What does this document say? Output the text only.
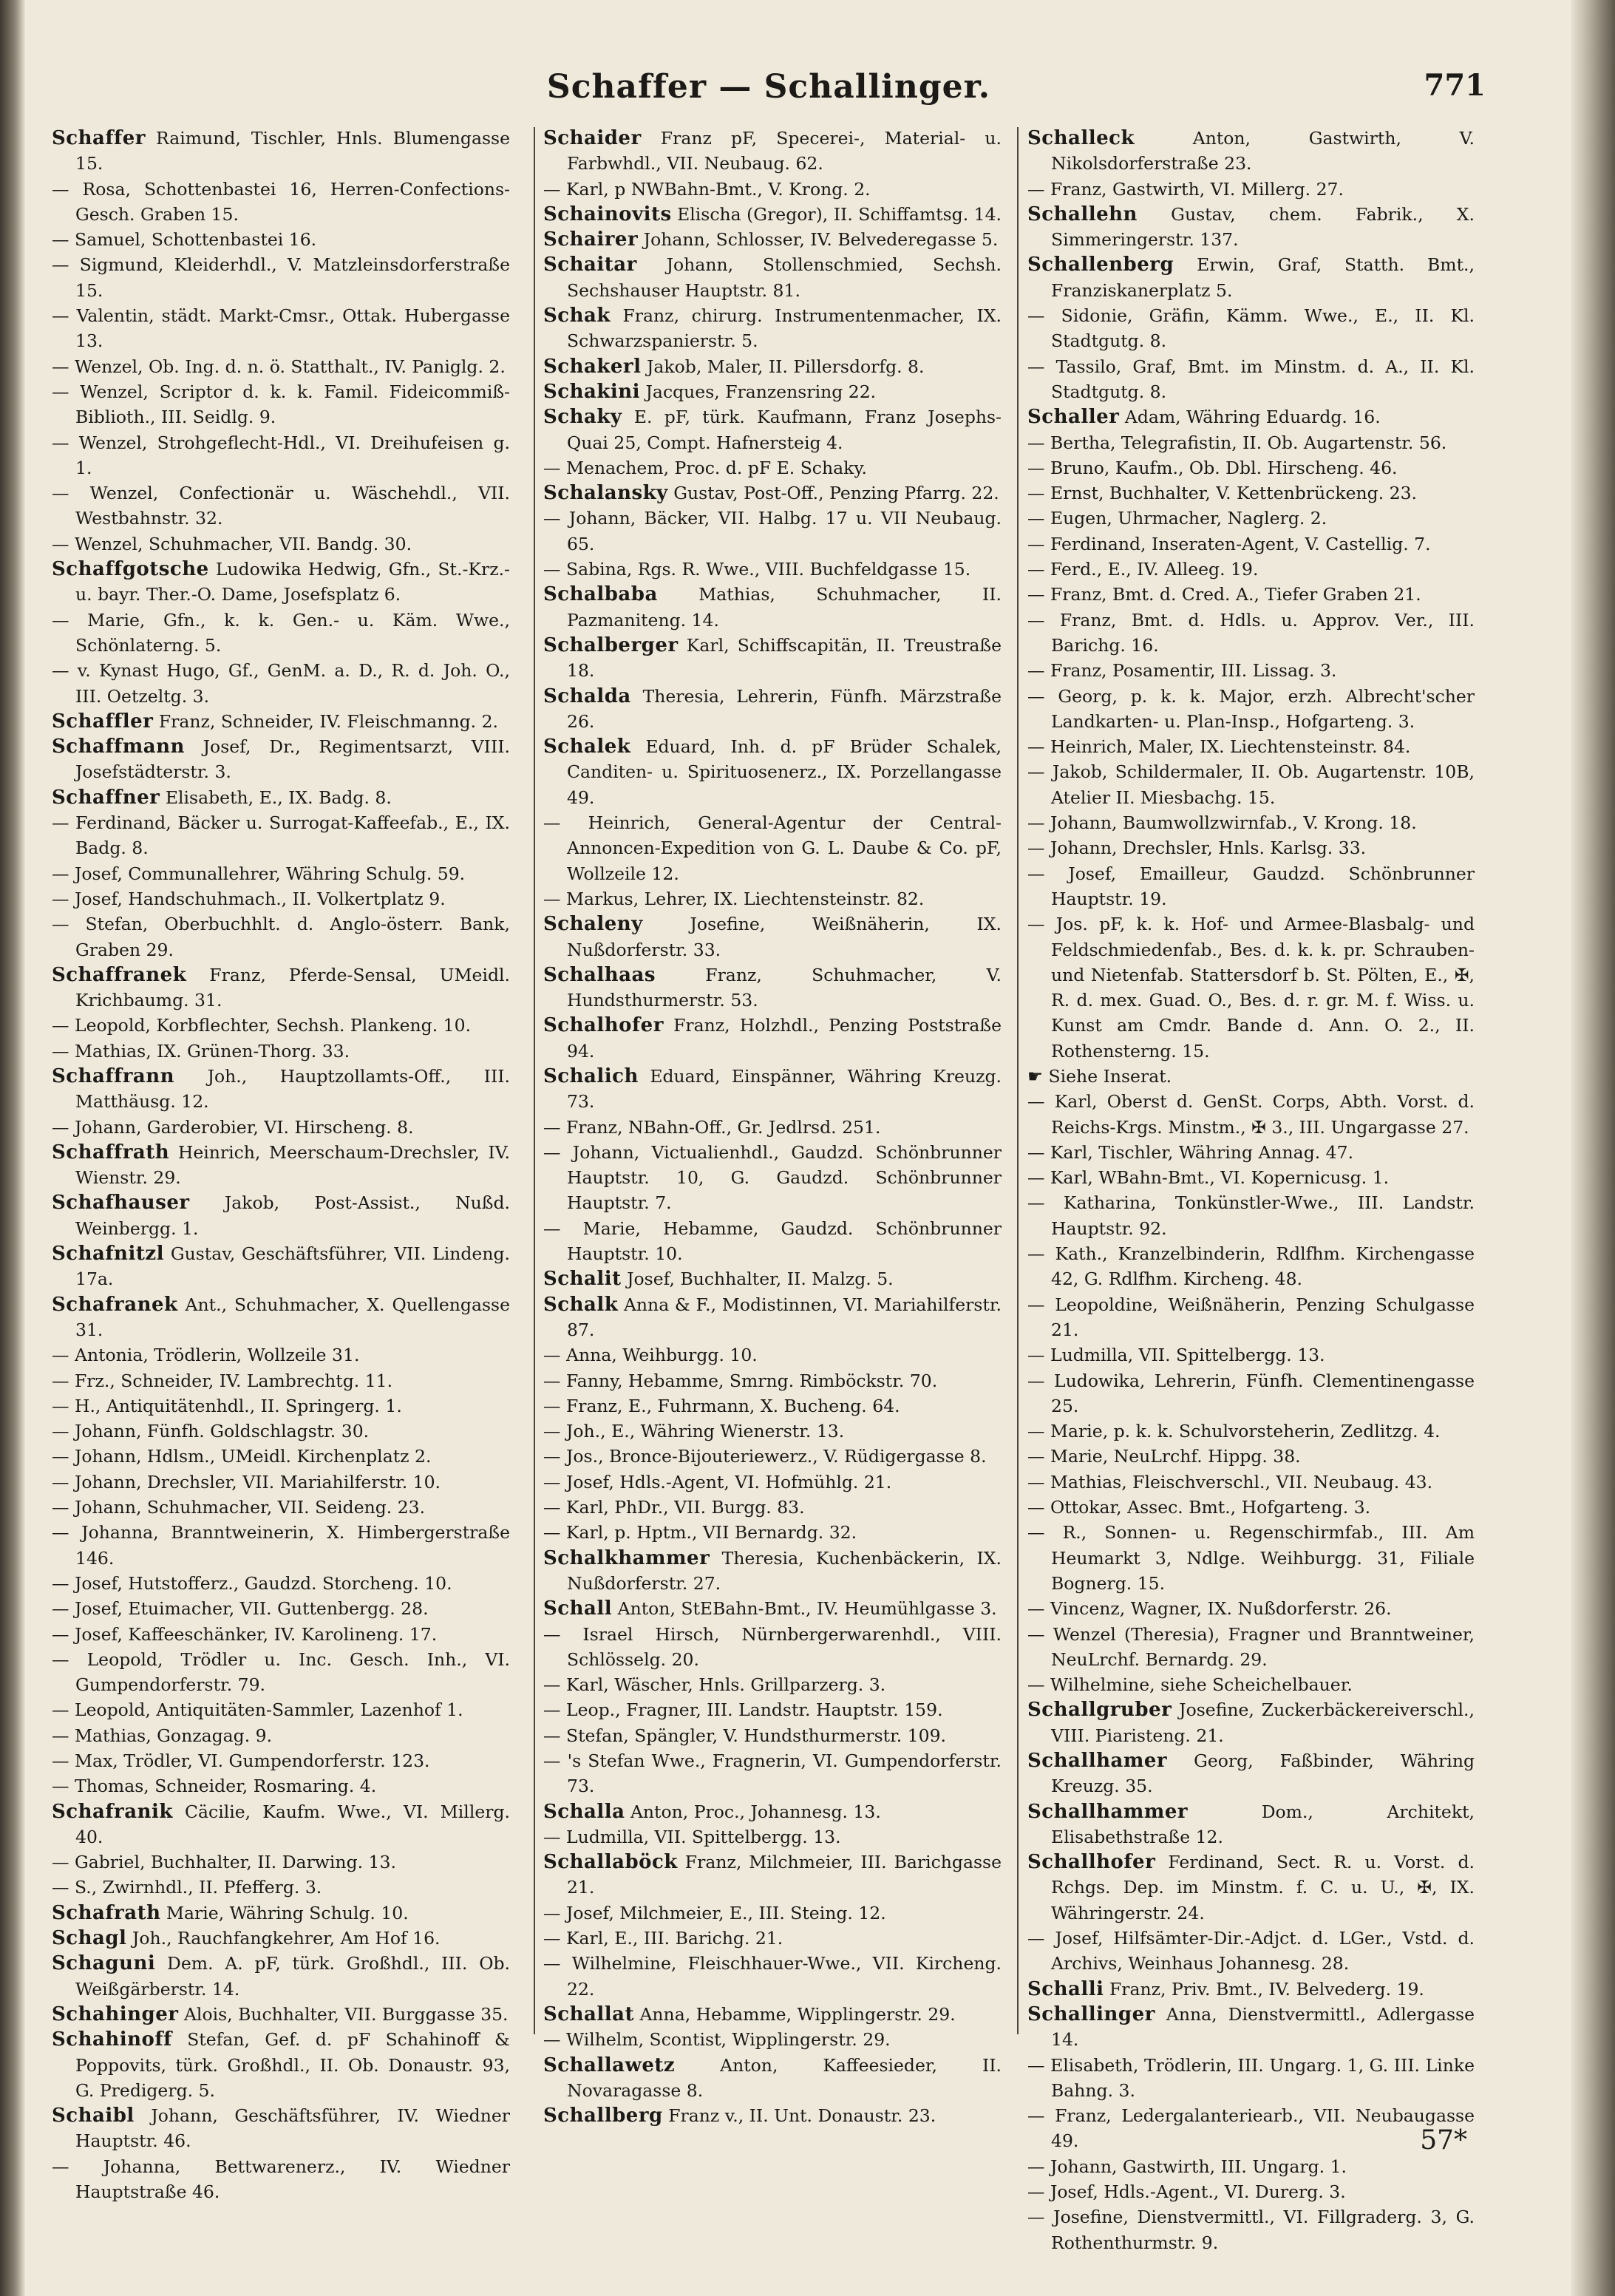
Schaffer — Schallinger.	771
Schaffer Raimund, Tischler, Hnls. Blumengasse 15.
— Rosa, Schottenbastei 16, Herren-Confections-Gesch. Graben 15.
— Samuel, Schottenbastei 16.
— Sigmund, Kleiderhdl., V. Matzleinsdorferstraße 15.
— Valentin, städt. Markt-Cmsr., Ottak. Hubergasse 13.
— Wenzel, Ob. Ing. d. n. ö. Statthalt., IV. Paniglg. 2.
— Wenzel, Scriptor d. k. k. Famil. Fideicommiß-Biblioth., III. Seidlg. 9.
— Wenzel, Strohgeflecht-Hdl., VI. Dreihufeisen g. 1.
— Wenzel, Confectionär u. Wäschehdl., VII. Westbahnstr. 32.
— Wenzel, Schuhmacher, VII. Bandg. 30.
Schaffgotsche Ludowika Hedwig, Gfn., St.-Krz.-u. bayr. Ther.-O. Dame, Josefsplatz 6.
— Marie, Gfn., k. k. Gen.- u. Käm. Wwe., Schönlaterng. 5.
— v. Kynast Hugo, Gf., GenM. a. D., R. d. Joh. O., III. Oetzeltg. 3.
Schaffler Franz, Schneider, IV. Fleischmanng. 2.
Schaffmann Josef, Dr., Regimentsarzt, VIII. Josefstädterstr. 3.
Schaffner Elisabeth, E., IX. Badg. 8.
— Ferdinand, Bäcker u. Surrogat-Kaffeefab., E., IX. Badg. 8.
— Josef, Communallehrer, Währing Schulg. 59.
— Josef, Handschuhmach., II. Volkertplatz 9.
— Stefan, Oberbuchhlt. d. Anglo-österr. Bank, Graben 29.
Schaffranek Franz, Pferde-Sensal, UMeidl. Krichbaumg. 31.
— Leopold, Korbflechter, Sechsh. Plankeng. 10.
— Mathias, IX. Grünen-Thorg. 33.
Schaffrann Joh., Hauptzollamts-Off., III. Matthäusg. 12.
— Johann, Garderobier, VI. Hirscheng. 8.
Schaffrath Heinrich, Meerschaum-Drechsler, IV. Wienstr. 29.
Schafhauser Jakob, Post-Assist., Nußd. Weinbergg. 1.
Schafnitzl Gustav, Geschäftsführer, VII. Lindeng. 17a.
Schafranek Ant., Schuhmacher, X. Quellengasse 31.
— Antonia, Trödlerin, Wollzeile 31.
— Frz., Schneider, IV. Lambrechtg. 11.
— H., Antiquitätenhdl., II. Springerg. 1.
— Johann, Fünfh. Goldschlagstr. 30.
— Johann, Hdlsm., UMeidl. Kirchenplatz 2.
— Johann, Drechsler, VII. Mariahilferstr. 10.
— Johann, Schuhmacher, VII. Seideng. 23.
— Johanna, Branntweinerin, X. Himbergerstraße 146.
— Josef, Hutstofferz., Gaudzd. Storcheng. 10.
— Josef, Etuimacher, VII. Guttenbergg. 28.
— Josef, Kaffeeschänker, IV. Karolineng. 17.
— Leopold, Trödler u. Inc. Gesch. Inh., VI. Gumpendorferstr. 79.
— Leopold, Antiquitäten-Sammler, Lazenhof 1.
— Mathias, Gonzagag. 9.
— Max, Trödler, VI. Gumpendorferstr. 123.
— Thomas, Schneider, Rosmaring. 4.
Schafranik Cäcilie, Kaufm. Wwe., VI. Millerg. 40.
— Gabriel, Buchhalter, II. Darwing. 13.
— S., Zwirnhdl., II. Pfefferg. 3.
Schafrath Marie, Währing Schulg. 10.
Schagl Joh., Rauchfangkehrer, Am Hof 16.
Schaguni Dem. A. pF, türk. Großhdl., III. Ob. Weißgärberstr. 14.
Schahinger Alois, Buchhalter, VII. Burggasse 35.
Schahinoff Stefan, Gef. d. pF Schahinoff & Poppovits, türk. Großhdl., II. Ob. Donaustr. 93, G. Predigerg. 5.
Schaibl Johann, Geschäftsführer, IV. Wiedner Hauptstr. 46.
— Johanna, Bettwarenerz., IV. Wiedner Hauptstraße 46.
Schaider Franz pF, Specerei-, Material- u. Farbwhdl., VII. Neubaug. 62.
— Karl, p NWBahn-Bmt., V. Krong. 2.
Schainovits Elischa (Gregor), II. Schiffamtsg. 14.
Schairer Johann, Schlosser, IV. Belvederegasse 5.
Schaitar Johann, Stollenschmied, Sechsh. Sechshauser Hauptstr. 81.
Schak Franz, chirurg. Instrumentenmacher, IX. Schwarzspanierstr. 5.
Schakerl Jakob, Maler, II. Pillersdorfg. 8.
Schakini Jacques, Franzensring 22.
Schaky E. pF, türk. Kaufmann, Franz Josephs-Quai 25, Compt. Hafnersteig 4.
— Menachem, Proc. d. pF E. Schaky.
Schalansky Gustav, Post-Off., Penzing Pfarrg. 22.
— Johann, Bäcker, VII. Halbg. 17 u. VII Neubaug. 65.
— Sabina, Rgs. R. Wwe., VIII. Buchfeldgasse 15.
Schalbaba Mathias, Schuhmacher, II. Pazmaniteng. 14.
Schalberger Karl, Schiffscapitän, II. Treustraße 18.
Schalda Theresia, Lehrerin, Fünfh. Märzstraße 26.
Schalek Eduard, Inh. d. pF Brüder Schalek, Canditen- u. Spirituosenerz., IX. Porzellangasse 49.
— Heinrich, General-Agentur der Central-Annoncen-Expedition von G. L. Daube & Co. pF, Wollzeile 12.
— Markus, Lehrer, IX. Liechtensteinstr. 82.
Schaleny	Josefine, Weißnäherin, IX. Nußdorferstr. 33.
Schalhaas	Franz, Schuhmacher, V. Hundsthurmerstr. 53.
Schalhofer Franz, Holzhdl., Penzing Poststraße 94.
Schalich Eduard, Einspänner, Währing Kreuzg. 73.
— Franz, NBahn-Off., Gr. Jedlrsd. 251.
— Johann, Victualienhdl., Gaudzd. Schönbrunner Hauptstr. 10, G. Gaudzd. Schönbrunner Hauptstr. 7.
— Marie, Hebamme, Gaudzd. Schönbrunner Hauptstr. 10.
Schalit Josef, Buchhalter, II. Malzg. 5.
Schalk Anna & F., Modistinnen, VI. Mariahilferstr. 87.
— Anna, Weihburgg. 10.
— Fanny, Hebamme, Smrng. Rimböckstr. 70.
— Franz, E., Fuhrmann, X. Bucheng. 64.
— Joh., E., Währing Wienerstr. 13.
— Jos., Bronce-Bijouteriewerz., V. Rüdigergasse 8.
— Josef, Hdls.-Agent, VI. Hofmühlg. 21.
— Karl, PhDr., VII. Burgg. 83.
— Karl, p. Hptm., VII Bernardg. 32.
Schalkhammer Theresia, Kuchenbäckerin, IX. Nußdorferstr. 27.
Schall Anton, StEBahn-Bmt., IV. Heumühlgasse 3.
— Israel Hirsch, Nürnbergerwarenhdl., VIII. Schlösselg. 20.
— Karl, Wäscher, Hnls. Grillparzerg. 3.
— Leop., Fragner, III. Landstr. Hauptstr. 159.
— Stefan, Spängler, V. Hundsthurmerstr. 109.
— 's Stefan Wwe., Fragnerin, VI. Gumpendorferstr. 73.
Schalla Anton, Proc., Johannesg. 13.
— Ludmilla, VII. Spittelbergg. 13.
Schallaböck Franz, Milchmeier, III. Barichgasse 21.
— Josef, Milchmeier, E., III. Steing. 12.
— Karl, E., III. Barichg. 21.
— Wilhelmine, Fleischhauer-Wwe., VII. Kircheng. 22.
Schallat Anna, Hebamme, Wipplingerstr. 29.
— Wilhelm, Scontist, Wipplingerstr. 29.
Schallawetz	Anton, Kaffeesieder, II. Novaragasse 8.
Schallberg Franz v., II. Unt. Donaustr. 23.
Schalleck	Anton, Gastwirth, V. Nikolsdorferstraße 23.
— Franz, Gastwirth, VI. Millerg. 27.
Schallehn Gustav, chem. Fabrik., X. Simmeringerstr. 137.
Schallenberg Erwin, Graf, Statth. Bmt., Franziskanerplatz 5.
— Sidonie, Gräfin, Kämm. Wwe., E., II. Kl. Stadtgutg. 8.
— Tassilo, Graf, Bmt. im Minstm. d. A., II. Kl. Stadtgutg. 8.
Schaller Adam, Währing Eduardg. 16.
— Bertha, Telegrafistin, II. Ob. Augartenstr. 56.
— Bruno, Kaufm., Ob. Dbl. Hirscheng. 46.
— Ernst, Buchhalter, V. Kettenbrückeng. 23.
— Eugen, Uhrmacher, Naglerg. 2.
— Ferdinand, Inseraten-Agent, V. Castellig. 7.
— Ferd., E., IV. Alleeg. 19.
— Franz, Bmt. d. Cred. A., Tiefer Graben 21.
— Franz, Bmt. d. Hdls. u. Approv. Ver., III. Barichg. 16.
— Franz, Posamentir, III. Lissag. 3.
— Georg, p. k. k. Major, erzh. Albrecht'scher Landkarten- u. Plan-Insp., Hofgarteng. 3.
— Heinrich, Maler, IX. Liechtensteinstr. 84.
— Jakob, Schildermaler, II. Ob. Augartenstr. 10B, Atelier II. Miesbachg. 15.
— Johann, Baumwollzwirnfab., V. Krong. 18.
— Johann, Drechsler, Hnls. Karlsg. 33.
— Josef, Emailleur, Gaudzd. Schönbrunner Hauptstr. 19.
— Jos. pF, k. k. Hof- und Armee-Blasbalg- und Feldschmiedenfab., Bes. d. k. k. pr. Schrauben- und Nietenfab. Stattersdorf b. St. Pölten, E., ✠, R. d. mex. Guad. O., Bes. d. r. gr. M. f. Wiss. u. Kunst am Cmdr. Bande d. Ann. O. 2., II. Rothensterng. 15.
☛ Siehe Inserat.
— Karl, Oberst d. GenSt. Corps, Abth. Vorst. d. Reichs-Krgs. Minstm., ✠ 3., III. Ungargasse 27.
— Karl, Tischler, Währing Annag. 47.
— Karl, WBahn-Bmt., VI. Kopernicusg. 1.
— Katharina, Tonkünstler-Wwe., III. Landstr. Hauptstr. 92.
— Kath., Kranzelbinderin, Rdlfhm. Kirchengasse 42, G. Rdlfhm. Kircheng. 48.
— Leopoldine, Weißnäherin, Penzing Schulgasse 21.
— Ludmilla, VII. Spittelbergg. 13.
— Ludowika, Lehrerin, Fünfh. Clementinengasse 25.
— Marie, p. k. k. Schulvorsteherin, Zedlitzg. 4.
— Marie, NeuLrchf. Hippg. 38.
— Mathias, Fleischverschl., VII. Neubaug. 43.
— Ottokar, Assec. Bmt., Hofgarteng. 3.
— R., Sonnen- u. Regenschirmfab., III. Am Heumarkt 3, Ndlge. Weihburgg. 31, Filiale Bognerg. 15.
— Vincenz, Wagner, IX. Nußdorferstr. 26.
— Wenzel (Theresia), Fragner und Branntweiner, NeuLrchf. Bernardg. 29.
— Wilhelmine, siehe Scheichelbauer.
Schallgruber Josefine, Zuckerbäckereiverschl., VIII. Piaristeng. 21.
Schallhamer Georg, Faßbinder, Währing Kreuzg. 35.
Schallhammer	Dom., Architekt, Elisabethstraße 12.
Schallhofer Ferdinand, Sect. R. u. Vorst. d. Rchgs. Dep. im Minstm. f. C. u. U., ✠, IX. Währingerstr. 24.
— Josef, Hilfsämter-Dir.-Adjct. d. LGer., Vstd. d. Archivs, Weinhaus Johannesg. 28.
Schalli Franz, Priv. Bmt., IV. Belvederg. 19.
Schallinger Anna, Dienstvermittl., Adlergasse 14.
— Elisabeth, Trödlerin, III. Ungarg. 1, G. III. Linke Bahng. 3.
— Franz, Ledergalanteriearb., VII. Neubaugasse 49.
— Johann, Gastwirth, III. Ungarg. 1.
— Josef, Hdls.-Agent., VI. Durerg. 3.
— Josefine, Dienstvermittl., VI. Fillgraderg. 3, G. Rothenthurmstr. 9.
57*
